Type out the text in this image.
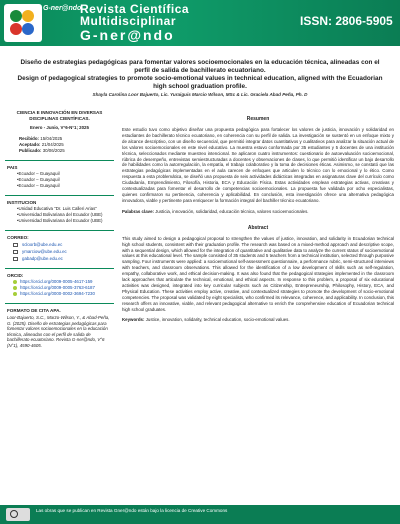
G-ner@ndo
Revista Científica
Multidisciplinar
G-ner@ndo
ISSN: 2806-5905
Diseño de estrategias pedagógicas para fomentar valores socioemocionales en la educación técnica, alineadas con el perfil de salida de bachillerato ecuatoriano.
Design of pedagogical strategies to promote socio-emotional values in technical education, aligned with the Ecuadorian high school graduation profile.
Shayla Carolina Loor Bajuerto, Lic. Yuraiguis Marcio Wilson, MSc & Lic. Graciela Abad Peña, Ph. D
CIENCIA E INNOVACIÓN EN DIVERSAS DISCIPLINAS CIENTÍFICAS.
Enero - Junio, V°6-N°1; 2025
Recibido: 15/04/2025
Aceptado: 21/04/2025
Publicado: 30/06/2025
PAIS
• Ecuador – Guayaquil
• Ecuador – Guayaquil
• Ecuador – Guayaquil
INSTITUCION
• Unidad Educativa "Dr. Luis Calleri Arias"
• Universidad Bolivariana del Ecuador (UBE)
• Universidad Bolivariana del Ecuador (UBE)
CORREO:
scloorb@ube.edu.ec
ymarciow@ube.edu.ec
gabadp@ube.edu.ec
ORCID:
https://orcid.org/0009-0005-4617-159
https://orcid.org/0009-0005-3763-6187
https://orcid.org/0000-0002-3694-7230
FORMATO DE CITA APA.
Loor-Bajuerto, S.C., Marzo-Wilson, Y., & Abad-Peña, G. (2025). Diseño de estrategias pedagógicas para fomentar valores socioemocionales en la educación técnica, alineadas con el perfil de salida de bachillerato ecuatoriano. Revista G-ner@ndo, V°6 (N°1), 4590-4605.
Resumen
Este estudio tuvo como objetivo diseñar una propuesta pedagógica para fortalecer los valores de justicia, innovación y solidaridad en estudiantes de bachillerato técnico ecuatoriano, en coherencia con su perfil de salida. La investigación se sustentó en un enfoque mixto y de alcance descriptivo, con un diseño secuencial, que permitió integrar datos cuantitativos y cualitativos para analizar la situación actual de los valores socioemocionales en este nivel educativo. La muestra estuvo conformada por 35 estudiantes y 5 docentes de una institución técnica, seleccionados mediante muestreo intencional. Se aplicaron cuatro instrumentos: cuestionario de autoevaluación socioemocional, rúbrica de desempeño, entrevistas semiestructuradas a docentes y observaciones de clases, lo que permitió identificar un bajo desarrollo de habilidades como la autorregulación, la empatía, el trabajo colaborativo y la toma de decisiones éticas. Asimismo, se constató que las estrategias pedagógicas implementadas en el aula carecen de enfoques que articulen lo técnico con lo emocional y lo ético. Como respuesta a esta problemática, se diseñó una propuesta de seis actividades didácticas integradas en asignaturas clave del currículo como Ciudadanía, Emprendimiento, Filosofía, Historia, ECA y Educación Física. Estas actividades emplean estrategias activas, creativas y contextualizadas para fomentar el desarrollo de competencias socioemocionales. La propuesta fue validada por ocho especialistas, quienes confirmaron su pertinencia, coherencia y aplicabilidad. En conclusión, esta investigación ofrece una alternativa pedagógica innovadora, viable y pertinente para enriquecer la formación integral del bachiller técnico ecuatoriano.
Palabras clave: Justicia, innovación, solidaridad, educación técnica, valores socioemocionales.
Abstract
This study aimed to design a pedagogical proposal to strengthen the values of justice, innovation, and solidarity in Ecuadorian technical high school students, consistent with their graduation profile. The research was based on a mixed-method approach and descriptive scope, with a sequential design, which allowed for the integration of quantitative and qualitative data to analyze the current status of socioemotional values at this educational level. The sample consisted of 35 students and 5 teachers from a technical institution, selected through purposive sampling. Four instruments were applied: a socioemotional self-assessment questionnaire, a performance rubric, semi-structured interviews with teachers, and classroom observations. This allowed for the identification of a low development of skills such as self-regulation, empathy, collaborative work, and ethical decision-making. It was also found that the pedagogical strategies implemented in the classroom lack approaches that articulate the technical, emotional, and ethical aspects. In response to this problem, a proposal of six educational activities was designed, integrated into key curricular subjects such as Citizenship, Entrepreneurship, Philosophy, History, ECA, and Physical Education. These activities employ active, creative, and contextualized strategies to promote the development of socio-emotional competencies. The proposal was validated by eight specialists, who confirmed its relevance, coherence, and applicability. In conclusion, this research offers an innovative, viable, and relevant pedagogical alternative to enrich the comprehensive education of Ecuadorian technical high school graduates.
Keywords: Justice, innovation, solidarity, technical education, socio-emotional values.
Las obras que se publican en Revista Gner@ndo están bajo la licencia de Creative Commons
